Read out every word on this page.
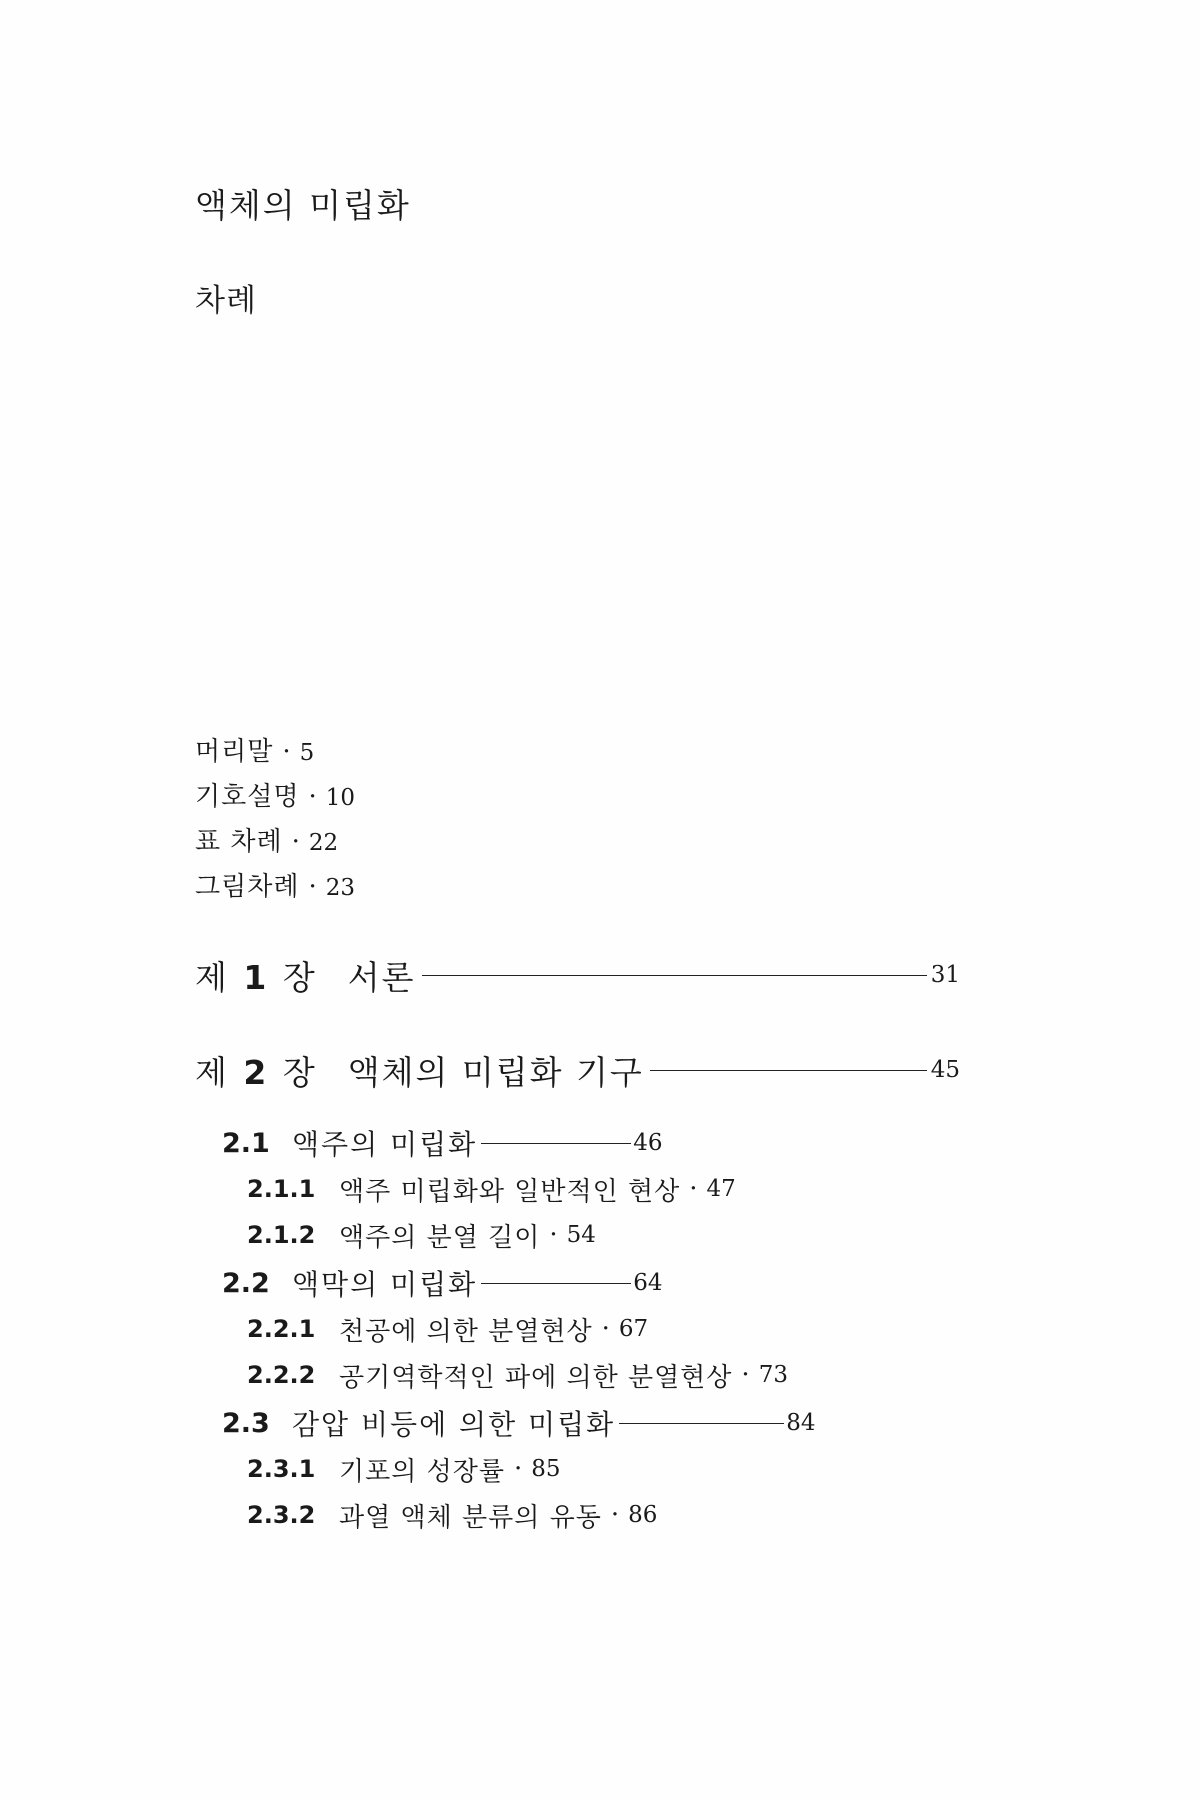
액체의 미립화
차례
머리말 · 5
기호설명 · 10
표 차례 · 22
그림차례 · 23
제 1 장 서론	31
제 2 장 액체의 미립화 기구	45
2.1 액주의 미립화	46
2.1.1 액주 미립화와 일반적인 현상 · 47
2.1.2 액주의 분열 길이 · 54
2.2 액막의 미립화	64
2.2.1 천공에 의한 분열현상 · 67
2.2.2 공기역학적인 파에 의한 분열현상 · 73
2.3 감압 비등에 의한 미립화	84
2.3.1 기포의 성장률 · 85
2.3.2 과열 액체 분류의 유동 · 86
